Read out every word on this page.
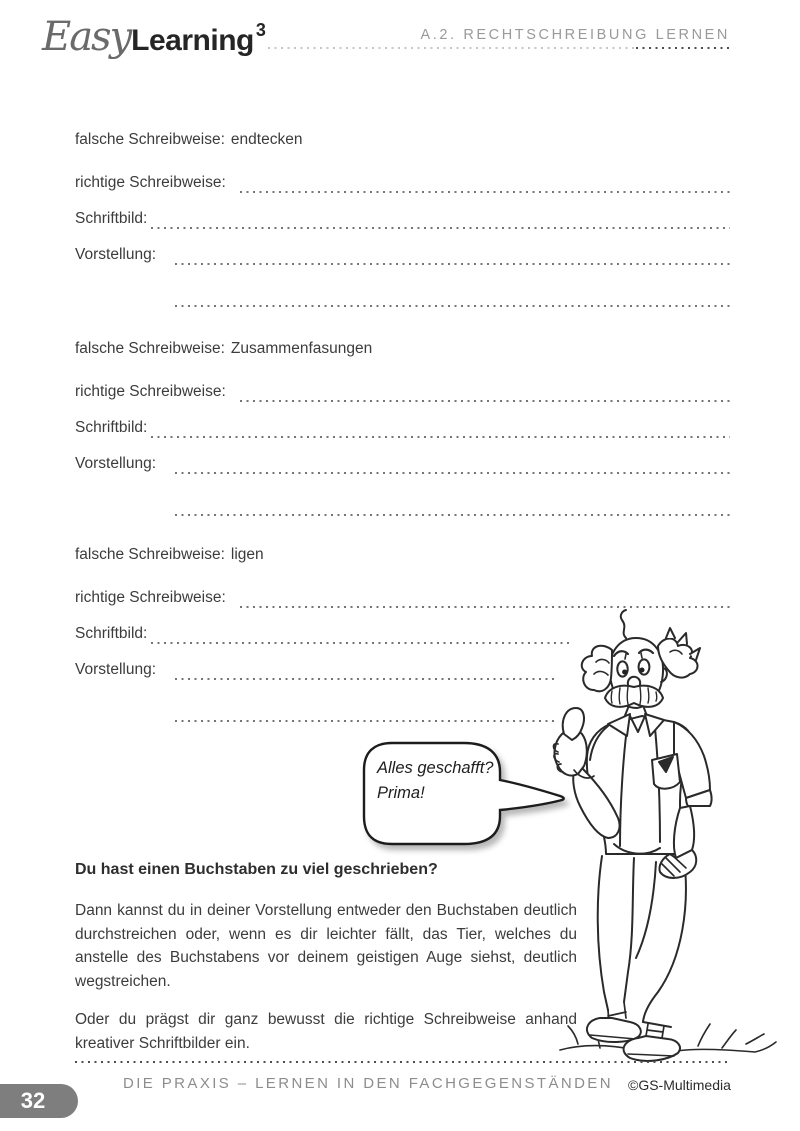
EasyLearning 3	A.2. RECHTSCHREIBUNG LERNEN
falsche Schreibweise: endtecken
richtige Schreibweise:
Schriftbild:
Vorstellung:
falsche Schreibweise: Zusammenfasungen
richtige Schreibweise:
Schriftbild:
Vorstellung:
falsche Schreibweise: ligen
richtige Schreibweise:
Schriftbild:
Vorstellung:
Alles geschafft?
Prima!
Du hast einen Buchstaben zu viel geschrieben?

Dann kannst du in deiner Vorstellung entweder den Buchstaben deutlich durchstreichen oder, wenn es dir leichter fällt, das Tier, welches du anstelle des Buchstabens vor deinem geistigen Auge siehst, deutlich wegstreichen.

Oder du prägst dir ganz bewusst die richtige Schreibweise anhand kreativer Schriftbilder ein.

DIE PRAXIS – LERNEN IN DEN FACHGEGENSTÄNDEN ©GS-Multimedia
32
